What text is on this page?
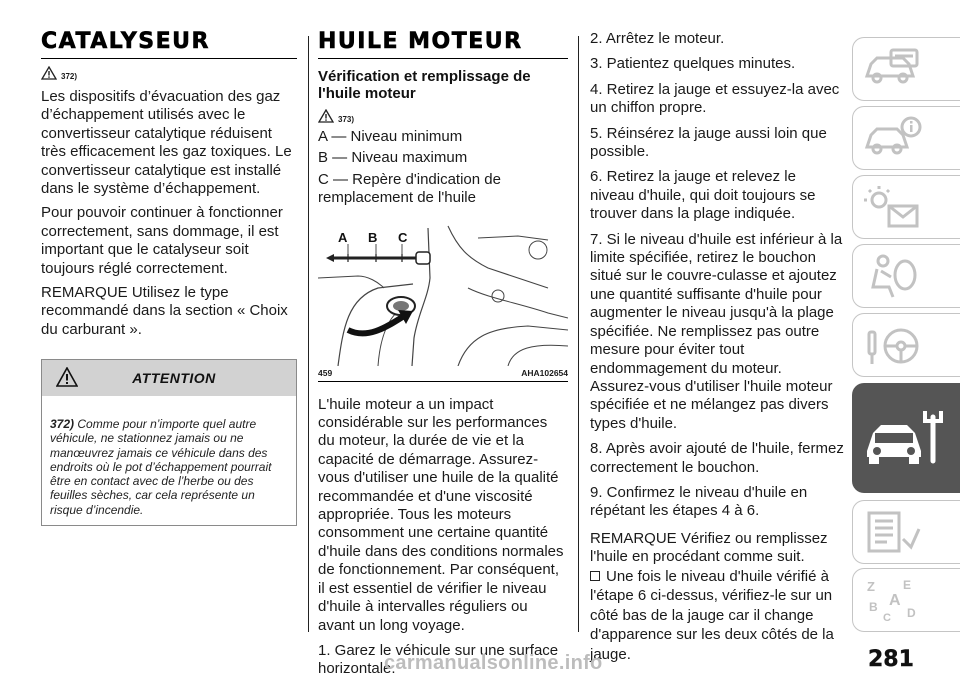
CATALYSEUR
372)

Les dispositifs d’évacuation des gaz d’échappement utilisés avec le convertisseur catalytique réduisent très efficacement les gaz toxiques. Le convertisseur catalytique est installé dans le système d’échappement.

Pour pouvoir continuer à fonctionner correctement, sans dommage, il est important que le catalyseur soit toujours réglé correctement.

REMARQUE Utilisez le type recommandé dans la section « Choix du carburant ».

ATTENTION
372) Comme pour n’importe quel autre véhicule, ne stationnez jamais ou ne manœuvrez jamais ce véhicule dans des endroits où le pot d’échappement pourrait être en contact avec de l’herbe ou des feuilles sèches, car cela représente un risque d’incendie.
HUILE MOTEUR
Vérification et remplissage de l'huile moteur
373)

A — Niveau minimum

B — Niveau maximum

C — Repère d'indication de remplacement de l'huile

A B C
459	AHA102654

L'huile moteur a un impact considérable sur les performances du moteur, la durée de vie et la capacité de démarrage. Assurez-vous d'utiliser une huile de la qualité recommandée et d'une viscosité appropriée. Tous les moteurs consomment une certaine quantité d'huile dans des conditions normales de fonctionnement. Par conséquent, il est essentiel de vérifier le niveau d'huile à intervalles réguliers ou avant un long voyage.

1. Garez le véhicule sur une surface horizontale.

2. Arrêtez le moteur.

3. Patientez quelques minutes.

4. Retirez la jauge et essuyez-la avec un chiffon propre.

5. Réinsérez la jauge aussi loin que possible.

6. Retirez la jauge et relevez le niveau d'huile, qui doit toujours se trouver dans la plage indiquée.

7. Si le niveau d'huile est inférieur à la limite spécifiée, retirez le bouchon situé sur le couvre-culasse et ajoutez une quantité suffisante d'huile pour augmenter le niveau jusqu'à la plage spécifiée. Ne remplissez pas outre mesure pour éviter tout endommagement du moteur. Assurez-vous d'utiliser l'huile moteur spécifiée et ne mélangez pas divers types d'huile.

8. Après avoir ajouté de l'huile, fermez correctement le bouchon.

9. Confirmez le niveau d'huile en répétant les étapes 4 à 6.

REMARQUE Vérifiez ou remplissez l'huile en procédant comme suit.

Une fois le niveau d'huile vérifié à l'étape 6 ci-dessus, vérifiez-le sur un côté bas de la jauge car il change d'apparence sur les deux côtés de la jauge.

Z E
B A
C D
carmanualsonline.info	281
